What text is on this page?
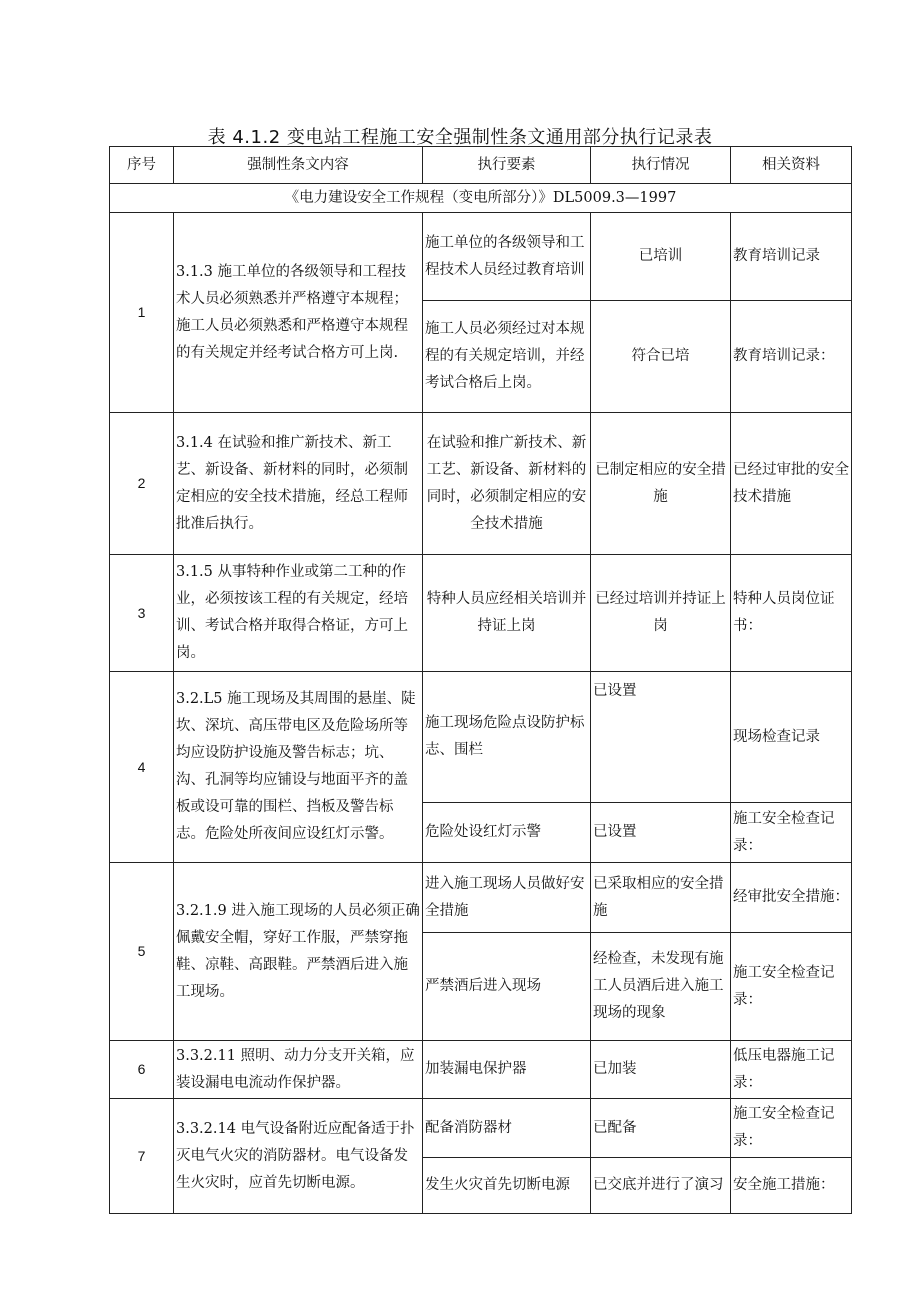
表 4.1.2 变电站工程施工安全强制性条文通用部分执行记录表
序号	强制性条文内容	执行要素	执行情况	相关资料
《电力建设安全工作规程（变电所部分）》DL5009.3—1997				
1	3.1.3 施工单位的各级领导和工程技术人员必须熟悉并严格遵守本规程；施工人员必须熟悉和严格遵守本规程的有关规定并经考试合格方可上岗.	施工单位的各级领导和工程技术人员经过教育培训	已培训	教育培训记录
		施工人员必须经过对本规程的有关规定培训，并经考试合格后上岗。	符合已培	教育培训记录：
2	3.1.4 在试验和推广新技术、新工艺、新设备、新材料的同时，必须制定相应的安全技术措施，经总工程师批准后执行。	在试验和推广新技术、新工艺、新设备、新材料的同时，必须制定相应的安全技术措施	已制定相应的安全措施	已经过审批的安全技术措施
3	3.1.5 从事特种作业或第二工种的作业，必须按该工程的有关规定，经培训、考试合格并取得合格证，方可上岗。	特种人员应经相关培训并持证上岗	已经过培训并持证上岗	特种人员岗位证书：
4	3.2.L5 施工现场及其周围的悬崖、陡坎、深坑、高压带电区及危险场所等均应设防护设施及警告标志；坑、沟、孔洞等均应铺设与地面平齐的盖板或设可靠的围栏、挡板及警告标志。危险处所夜间应设红灯示警。	施工现场危险点设防护标志、围栏	已设置	现场检查记录
		危险处设红灯示警	已设置	施工安全检查记录：
5	3.2.1.9 进入施工现场的人员必须正确佩戴安全帽，穿好工作服，严禁穿拖鞋、凉鞋、高跟鞋。严禁酒后进入施工现场。	进入施工现场人员做好安全措施	已采取相应的安全措施	经审批安全措施：
		严禁酒后进入现场	经检查，未发现有施工人员酒后进入施工现场的现象	施工安全检查记录：
6	3.3.2.11 照明、动力分支开关箱，应装设漏电电流动作保护器。	加装漏电保护器	已加装	低压电器施工记录：
7	3.3.2.14 电气设备附近应配备适于扑灭电气火灾的消防器材。电气设备发生火灾时，应首先切断电源。	配备消防器材	已配备	施工安全检查记录：
		发生火灾首先切断电源	已交底并进行了演习	安全施工措施：
